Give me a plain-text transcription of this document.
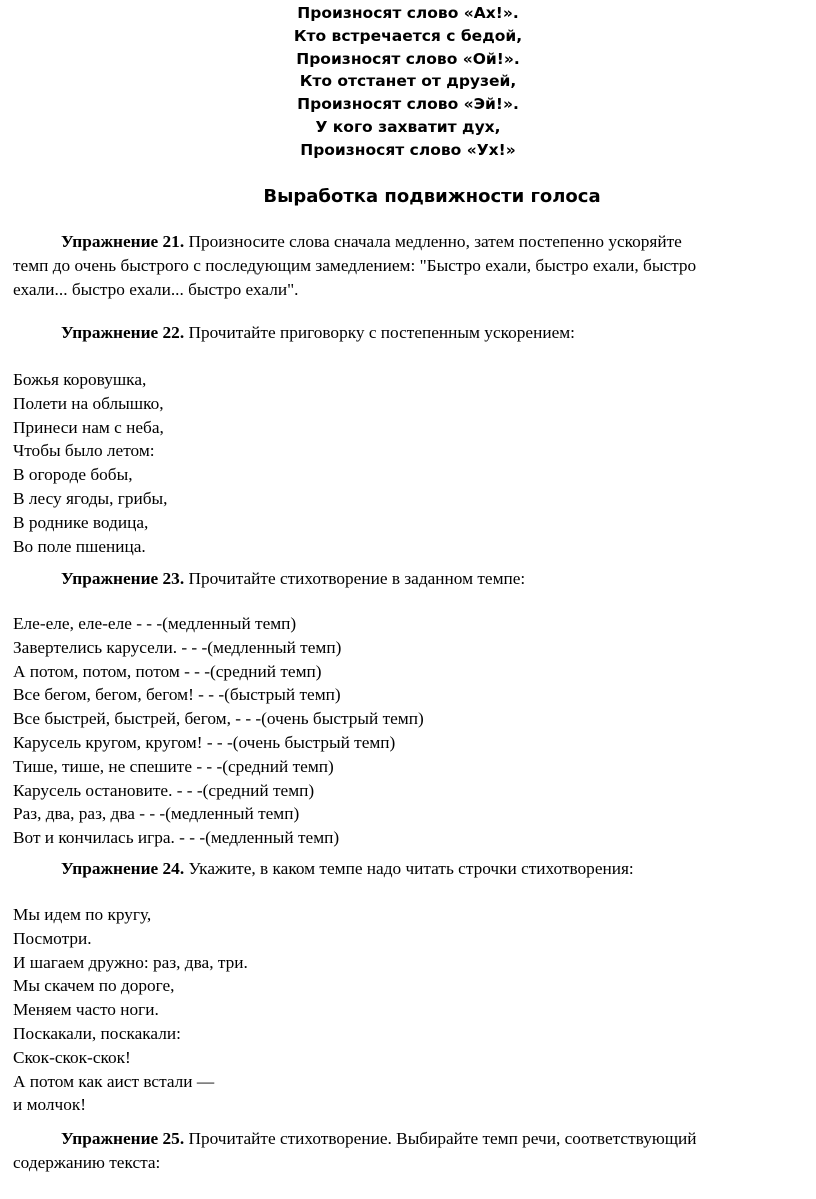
Произносят слово «Ах!».
Кто встречается с бедой,
Произносят слово «Ой!».
Кто отстанет от друзей,
Произносят слово «Эй!».
У кого захватит дух,
Произносят слово «Ух!»
Выработка подвижности голоса
Упражнение 21. Произносите слова сначала медленно, затем постепенно ускоряйте
темп до очень быстрого с последующим замедлением: "Быстро ехали, быстро ехали, быстро
ехали... быстро ехали... быстро ехали".
Упражнение 22. Прочитайте приговорку с постепенным ускорением:
Божья коровушка,
Полети на облышко,
Принеси нам с неба,
Чтобы было летом:
В огороде бобы,
В лесу ягоды, грибы,
В роднике водица,
Во поле пшеница.
Упражнение 23. Прочитайте стихотворение в заданном темпе:
Еле-еле, еле-еле - - -(медленный темп)
Завертелись карусели. - - -(медленный темп)
А потом, потом, потом - - -(средний темп)
Все бегом, бегом, бегом! - - -(быстрый темп)
Все быстрей, быстрей, бегом, - - -(очень быстрый темп)
Карусель кругом, кругом! - - -(очень быстрый темп)
Тише, тише, не спешите - - -(средний темп)
Карусель остановите. - - -(средний темп)
Раз, два, раз, два - - -(медленный темп)
Вот и кончилась игра. - - -(медленный темп)
Упражнение 24. Укажите, в каком темпе надо читать строчки стихотворения:
Мы идем по кругу,
Посмотри.
И шагаем дружно: раз, два, три.
Мы скачем по дороге,
Меняем часто ноги.
Поскакали, поскакали:
Скок-скок-скок!
А потом как аист встали —
и молчок!
Упражнение 25. Прочитайте стихотворение. Выбирайте темп речи, соответствующий
содержанию текста:
